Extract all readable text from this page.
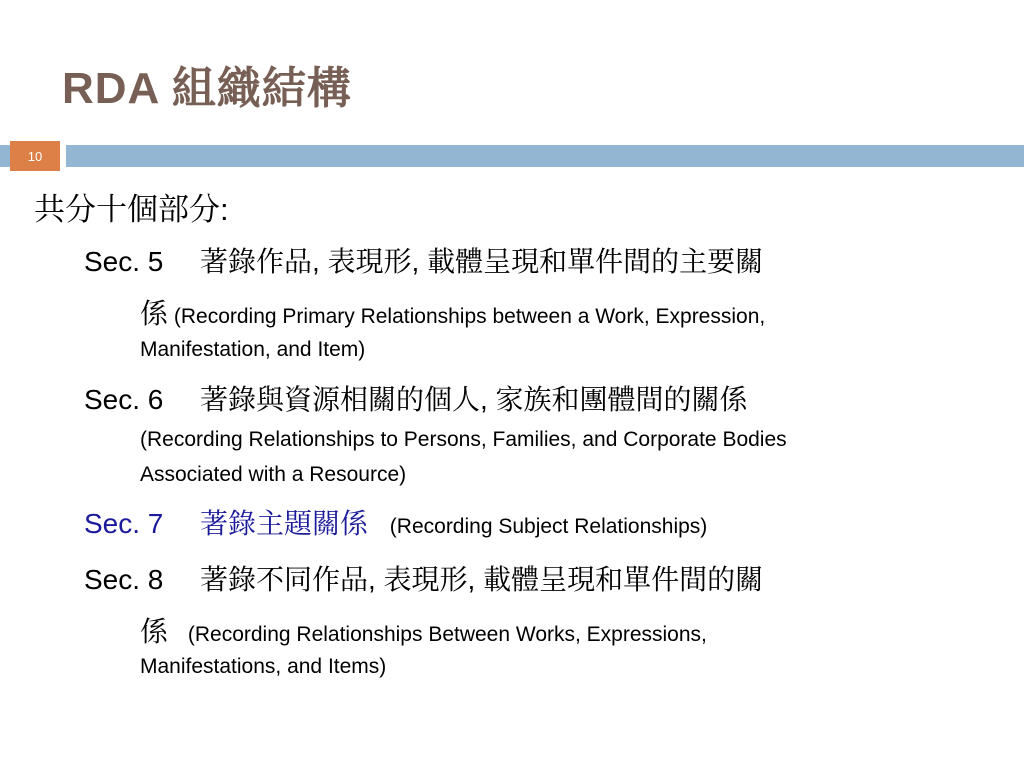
RDA 組織結構
10
共分十個部分:
Sec. 5 著錄作品, 表現形, 載體呈現和單件間的主要關
係 (Recording Primary Relationships between a Work, Expression,
Manifestation, and Item)
Sec. 6 著錄與資源相關的個人, 家族和團體間的關係
(Recording Relationships to Persons, Families, and Corporate Bodies
Associated with a Resource)
Sec. 7 著錄主題關係 (Recording Subject Relationships)
Sec. 8 著錄不同作品, 表現形, 載體呈現和單件間的關
係 (Recording Relationships Between Works, Expressions,
Manifestations, and Items)
